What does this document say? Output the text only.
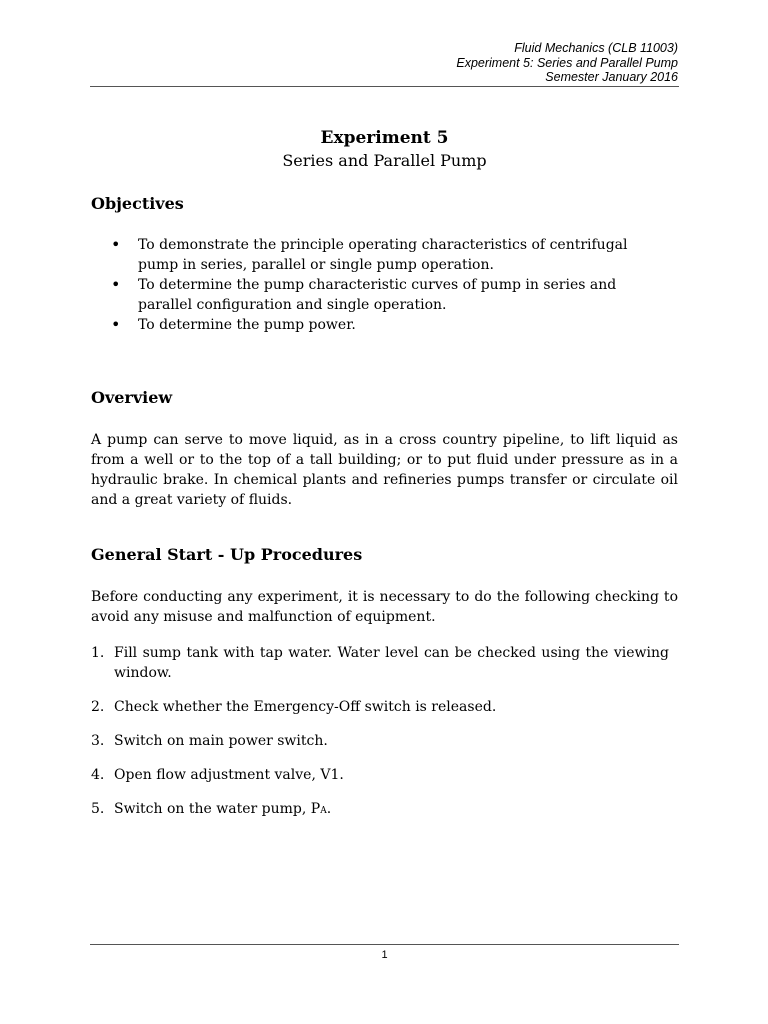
Fluid Mechanics (CLB 11003)
Experiment 5: Series and Parallel Pump
Semester January 2016
Experiment 5
Series and Parallel Pump
Objectives
• To demonstrate the principle operating characteristics of centrifugal pump in series, parallel or single pump operation.
• To determine the pump characteristic curves of pump in series and parallel configuration and single operation.
• To determine the pump power.
Overview

A pump can serve to move liquid, as in a cross country pipeline, to lift liquid as from a well or to the top of a tall building; or to put fluid under pressure as in a hydraulic brake. In chemical plants and refineries pumps transfer or circulate oil and a great variety of fluids.

General Start - Up Procedures

Before conducting any experiment, it is necessary to do the following checking to avoid any misuse and malfunction of equipment.

1. Fill sump tank with tap water. Water level can be checked using the viewing window.
2. Check whether the Emergency-Off switch is released.
3. Switch on main power switch.
4. Open flow adjustment valve, V1.
5. Switch on the water pump, PA.
1
